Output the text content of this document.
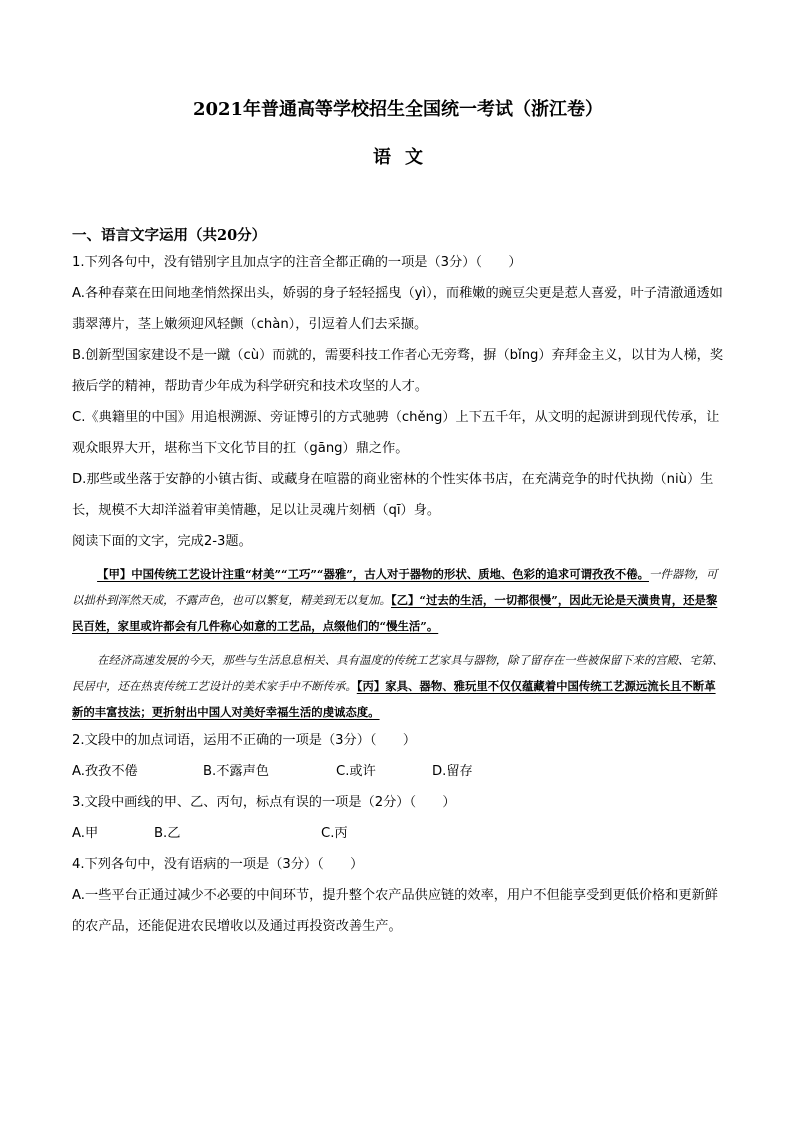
2021年普通高等学校招生全国统一考试（浙江卷）
语文
一、语言文字运用（共20分）

1.下列各句中，没有错别字且加点字的注音全都正确的一项是（3分）（　　）

A.各种春菜在田间地垄悄然探出头，娇弱的身子轻轻摇曳（yì），而稚嫩的豌豆尖更是惹人喜爱，叶子清澈通透如翡翠薄片，茎上嫩须迎风轻颤（chàn），引逗着人们去采撷。

B.创新型国家建设不是一蹴（cù）而就的，需要科技工作者心无旁骛，摒（bǐng）弃拜金主义，以甘为人梯，奖掖后学的精神，帮助青少年成为科学研究和技术攻坚的人才。

C.《典籍里的中国》用追根溯源、旁证博引的方式驰骋（chěng）上下五千年，从文明的起源讲到现代传承，让观众眼界大开，堪称当下文化节目的扛（gāng）鼎之作。

D.那些或坐落于安静的小镇古街、或藏身在喧嚣的商业密林的个性实体书店，在充满竞争的时代执拗（niù）生长，规模不大却洋溢着审美情趣，足以让灵魂片刻栖（qī）身。

阅读下面的文字，完成2-3题。

【甲】中国传统工艺设计注重“材美”“工巧”“器雅”，古人对于器物的形状、质地、色彩的追求可谓孜孜不倦。一件器物，可以拙朴到浑然天成，不露声色，也可以繁复，精美到无以复加。【乙】“过去的生活，一切都很慢”，因此无论是天潢贵胄，还是黎民百姓，家里或许都会有几件称心如意的工艺品，点缀他们的“慢生活”。

在经济高速发展的今天，那些与生活息息相关、具有温度的传统工艺家具与器物，除了留存在一些被保留下来的宫殿、宅第、民居中，还在热衷传统工艺设计的美术家手中不断传承。【丙】家具、器物、雅玩里不仅仅蕴藏着中国传统工艺源远流长且不断革新的丰富技法；更折射出中国人对美好幸福生活的虔诚态度。

2.文段中的加点词语，运用不正确的一项是（3分）（　　）

A.孜孜不倦	B.不露声色	C.或许	D.留存

3.文段中画线的甲、乙、丙句，标点有误的一项是（2分）（　　）

A.甲	B.乙	C.丙

4.下列各句中，没有语病的一项是（3分）（　　）

A.一些平台正通过减少不必要的中间环节，提升整个农产品供应链的效率，用户不但能享受到更低价格和更新鲜的农产品，还能促进农民增收以及通过再投资改善生产。
